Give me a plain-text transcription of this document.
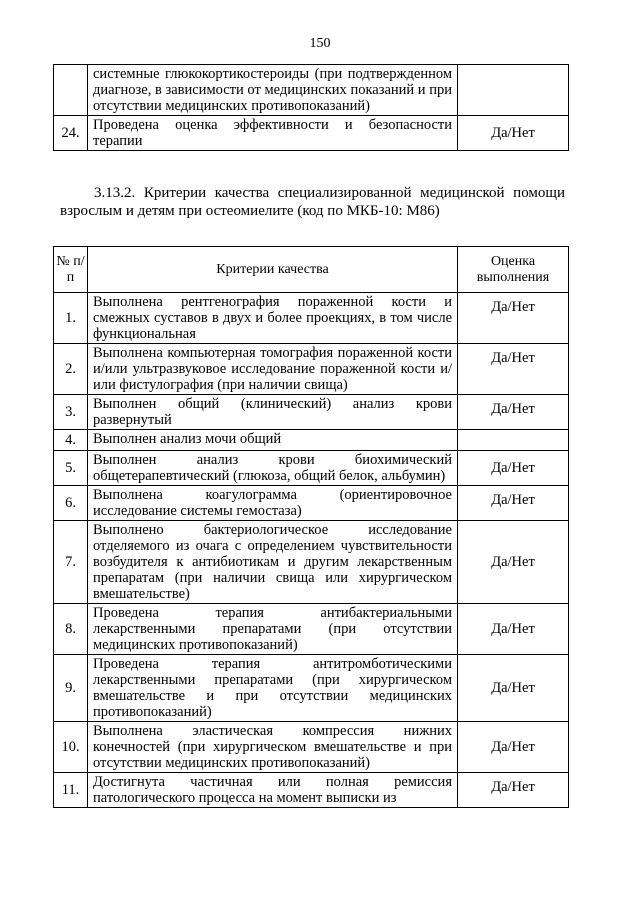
150
	системные глюкокортикостероиды (при подтвержденном диагнозе, в зависимости от медицинских показаний и при отсутствии медицинских противопоказаний)	
24.	Проведена оценка эффективности и безопасности терапии	Да/Нет
3.13.2. Критерии качества специализированной медицинской помощи взрослым и детям при остеомиелите (код по МКБ-10: M86)
№ п/п	Критерии качества	Оценка выполнения
1.	Выполнена рентгенография пораженной кости и смежных суставов в двух и более проекциях, в том числе функциональная	Да/Нет
2.	Выполнена компьютерная томография пораженной кости и/или ультразвуковое исследование пораженной кости и/или фистулография (при наличии свища)	Да/Нет
3.	Выполнен общий (клинический) анализ крови развернутый	Да/Нет
4.	Выполнен анализ мочи общий	
5.	Выполнен анализ крови биохимический общетерапевтический (глюкоза, общий белок, альбумин)	Да/Нет
6.	Выполнена коагулограмма (ориентировочное исследование системы гемостаза)	Да/Нет
7.	Выполнено бактериологическое исследование отделяемого из очага с определением чувствительности возбудителя к антибиотикам и другим лекарственным препаратам (при наличии свища или хирургическом вмешательстве)	Да/Нет
8.	Проведена терапия антибактериальными лекарственными препаратами (при отсутствии медицинских противопоказаний)	Да/Нет
9.	Проведена терапия антитромботическими лекарственными препаратами (при хирургическом вмешательстве и при отсутствии медицинских противопоказаний)	Да/Нет
10.	Выполнена эластическая компрессия нижних конечностей (при хирургическом вмешательстве и при отсутствии медицинских противопоказаний)	Да/Нет
11.	Достигнута частичная или полная ремиссия патологического процесса на момент выписки из	Да/Нет
